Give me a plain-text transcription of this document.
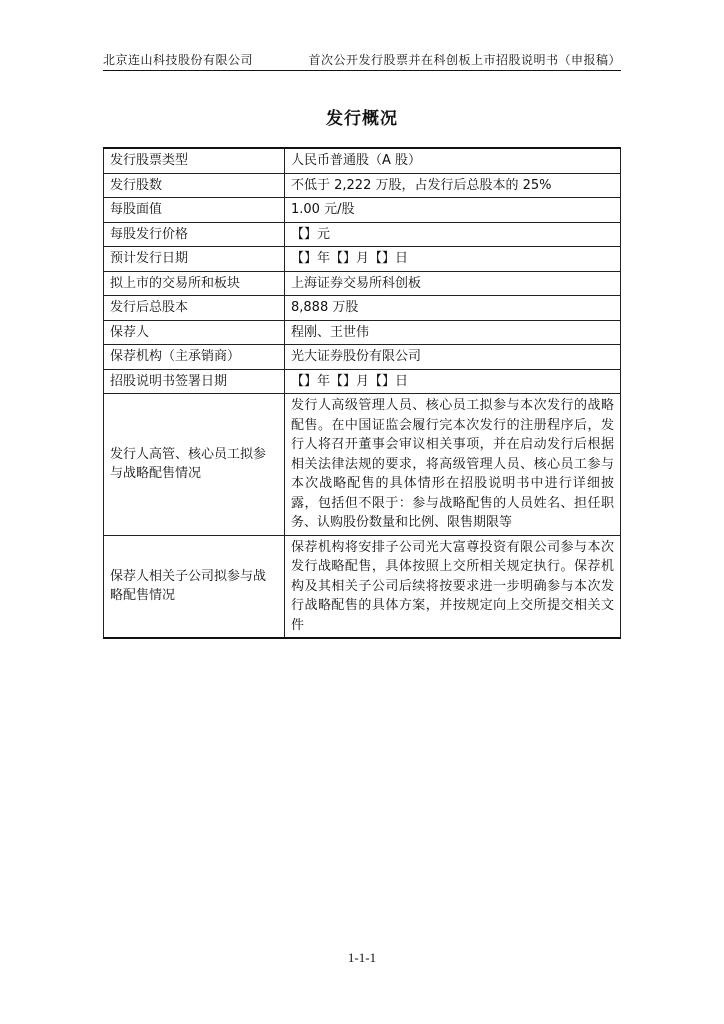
北京连山科技股份有限公司	首次公开发行股票并在科创板上市招股说明书（申报稿）
发行概况
发行股票类型	人民币普通股（A 股）
发行股数	不低于 2,222 万股，占发行后总股本的 25%
每股面值	1.00 元/股
每股发行价格	【】元
预计发行日期	【】年【】月【】日
拟上市的交易所和板块	上海证券交易所科创板
发行后总股本	8,888 万股
保荐人	程刚、王世伟
保荐机构（主承销商）	光大证券股份有限公司
招股说明书签署日期	【】年【】月【】日
发行人高管、核心员工拟参与战略配售情况	发行人高级管理人员、核心员工拟参与本次发行的战略配售。在中国证监会履行完本次发行的注册程序后，发行人将召开董事会审议相关事项，并在启动发行后根据相关法律法规的要求，将高级管理人员、核心员工参与本次战略配售的具体情形在招股说明书中进行详细披露，包括但不限于：参与战略配售的人员姓名、担任职务、认购股份数量和比例、限售期限等
保荐人相关子公司拟参与战略配售情况	保荐机构将安排子公司光大富尊投资有限公司参与本次发行战略配售，具体按照上交所相关规定执行。保荐机构及其相关子公司后续将按要求进一步明确参与本次发行战略配售的具体方案，并按规定向上交所提交相关文件
1-1-1
